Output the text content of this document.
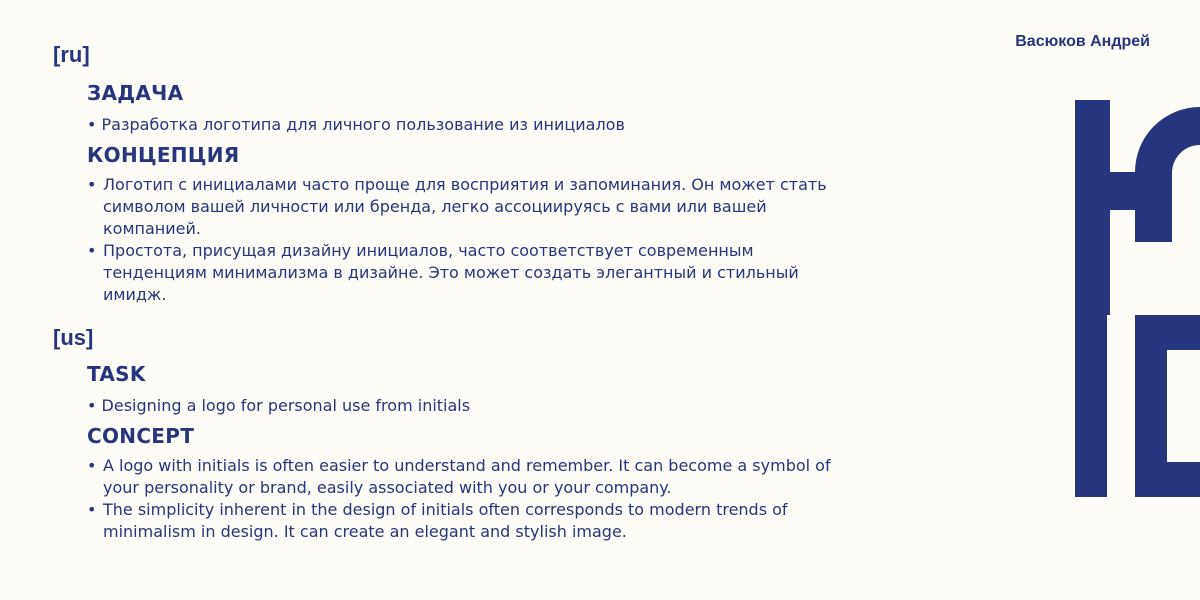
Васюков Андрей
[ru]
ЗАДАЧА
• Разработка логотипа для личного пользование из инициалов
КОНЦЕПЦИЯ
• Логотип с инициалами часто проще для восприятия и запоминания. Он может стать символом вашей личности или бренда, легко ассоциируясь с вами или вашей компанией.
• Простота, присущая дизайну инициалов, часто соответствует современным тенденциям минимализма в дизайне. Это может создать элегантный и стильный имидж.
[us]
TASK
• Designing a logo for personal use from initials
CONCEPT
• A logo with initials is often easier to understand and remember. It can become a symbol of your personality or brand, easily associated with you or your company.
• The simplicity inherent in the design of initials often corresponds to modern trends of minimalism in design. It can create an elegant and stylish image.
